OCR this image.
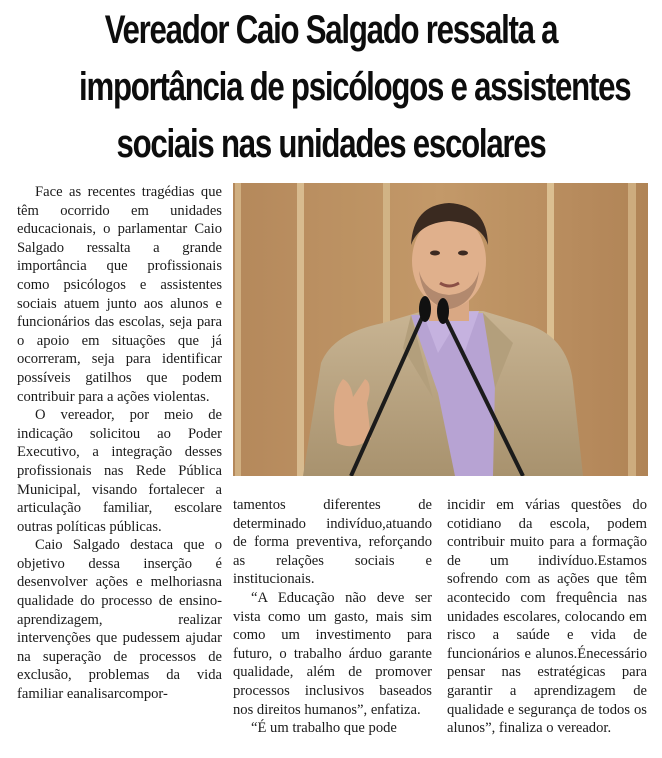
Vereador Caio Salgado ressalta a
importância de psicólogos e assistentes
sociais nas unidades escolares

Face as recentes tragédias que têm ocorrido em unidades educacionais, o parlamentar Caio Salgado ressalta a grande importância que profissionais como psicólogos e assistentes sociais atuem junto aos alunos e funcionários das escolas, seja para o apoio em situações que já ocorreram, seja para identificar possíveis gatilhos que podem contribuir para a ações violentas.

O vereador, por meio de indicação solicitou ao Poder Executivo, a integração desses profissionais nas Rede Pública Municipal, visando fortalecer a articulação familiar, escolare outras políticas públicas.

Caio Salgado destaca que o objetivo dessa inserção é desenvolver ações e melhoriasna qualidade do processo de ensino-aprendizagem, realizar intervenções que pudessem ajudar na superação de processos de exclusão, problemas da vida familiar eanalisarcompor-

tamentos diferentes de determinado indivíduo,atuando de forma preventiva, reforçando as relações sociais e institucionais.

“A Educação não deve ser vista como um gasto, mais sim como um investimento para futuro, o trabalho árduo garante qualidade, além de promover processos inclusivos baseados nos direitos humanos”, enfatiza.

“É um trabalho que pode

incidir em várias questões do cotidiano da escola, podem contribuir muito para a formação de um indivíduo.Estamos sofrendo com as ações que têm acontecido com frequência nas unidades escolares, colocando em risco a saúde e vida de funcionários e alunos.Énecessário pensar nas estratégicas para garantir a aprendizagem de qualidade e segurança de todos os alunos”, finaliza o vereador.
